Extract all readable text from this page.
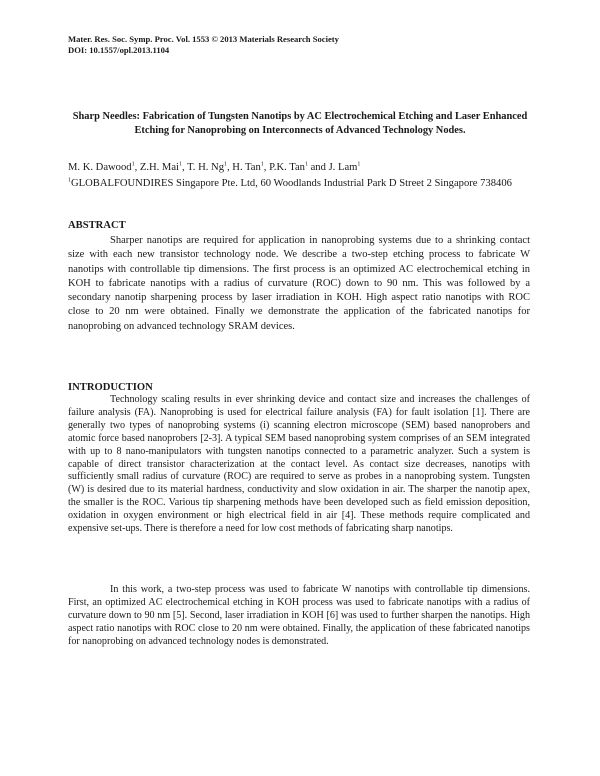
Mater. Res. Soc. Symp. Proc. Vol. 1553 © 2013 Materials Research Society
DOI: 10.1557/opl.2013.1104
Sharp Needles: Fabrication of Tungsten Nanotips by AC Electrochemical Etching and Laser Enhanced Etching for Nanoprobing on Interconnects of Advanced Technology Nodes.
M. K. Dawood$^1$, Z.H. Mai$^1$, T. H. Ng$^1$, H. Tan$^1$, P.K. Tan$^1$ and J. Lam$^1$
$^1$GLOBALFOUNDIRES Singapore Pte. Ltd, 60 Woodlands Industrial Park D Street 2 Singapore 738406
ABSTRACT

Sharper nanotips are required for application in nanoprobing systems due to a shrinking contact size with each new transistor technology node. We describe a two-step etching process to fabricate W nanotips with controllable tip dimensions. The first process is an optimized AC electrochemical etching in KOH to fabricate nanotips with a radius of curvature (ROC) down to 90 nm. This was followed by a secondary nanotip sharpening process by laser irradiation in KOH. High aspect ratio nanotips with ROC close to 20 nm were obtained. Finally we demonstrate the application of the fabricated nanotips for nanoprobing on advanced technology SRAM devices.

INTRODUCTION

Technology scaling results in ever shrinking device and contact size and increases the challenges of failure analysis (FA). Nanoprobing is used for electrical failure analysis (FA) for fault isolation [1]. There are generally two types of nanoprobing systems (i) scanning electron microscope (SEM) based nanoprobers and atomic force based nanoprobers [2-3]. A typical SEM based nanoprobing system comprises of an SEM integrated with up to 8 nano-manipulators with tungsten nanotips connected to a parametric analyzer. Such a system is capable of direct transistor characterization at the contact level. As contact size decreases, nanotips with sufficiently small radius of curvature (ROC) are required to serve as probes in a nanoprobing system. Tungsten (W) is desired due to its material hardness, conductivity and slow oxidation in air. The sharper the nanotip apex, the smaller is the ROC. Various tip sharpening methods have been developed such as field emission deposition, oxidation in oxygen environment or high electrical field in air [4]. These methods require complicated and expensive set-ups. There is therefore a need for low cost methods of fabricating sharp nanotips.

In this work, a two-step process was used to fabricate W nanotips with controllable tip dimensions. First, an optimized AC electrochemical etching in KOH process was used to fabricate nanotips with a radius of curvature down to 90 nm [5]. Second, laser irradiation in KOH [6] was used to further sharpen the nanotips. High aspect ratio nanotips with ROC close to 20 nm were obtained. Finally, the application of these fabricated nanotips for nanoprobing on advanced technology nodes is demonstrated.
